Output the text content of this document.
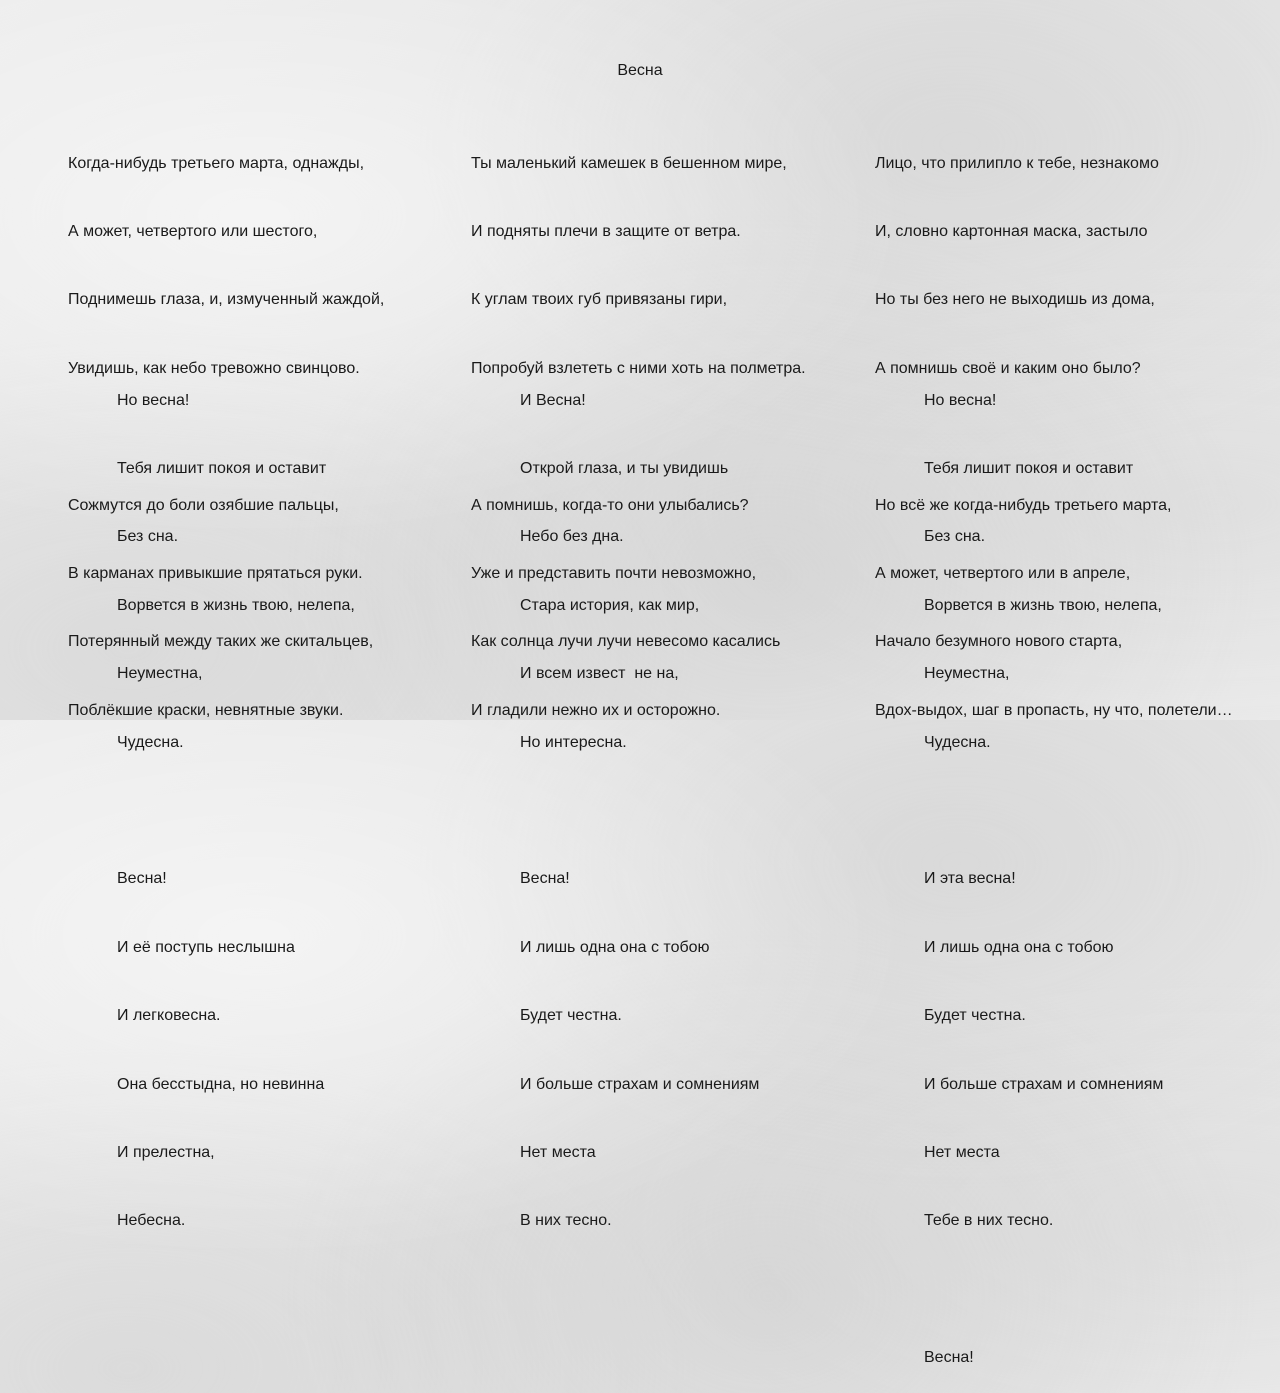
Весна

Когда-нибудь третьего марта, однажды,

А может, четвертого или шестого,

Поднимешь глаза, и, измученный жаждой,

Увидишь, как небо тревожно свинцово.

Сожмутся до боли озябшие пальцы,

В карманах привыкшие прятаться руки.

Потерянный между таких же скитальцев,

Поблёкшие краски, невнятные звуки.

Но весна!

Тебя лишит покоя и оставит

Без сна.

Ворвется в жизнь твою, нелепа,

Неуместна,

Чудесна.

Весна!

И её поступь неслышна

И легковесна.

Она бесстыдна, но невинна

И прелестна,

Небесна.

Ты маленький камешек в бешенном мире,

И подняты плечи в защите от ветра.

К углам твоих губ привязаны гири,

Попробуй взлететь с ними хоть на полметра.

А помнишь, когда-то они улыбались?

Уже и представить почти невозможно,

Как солнца лучи лучи невесомо касались

И гладили нежно их и осторожно.

И Весна!

Открой глаза, и ты увидишь

Небо без дна.

Стара история, как мир,

И всем извест  не на,

Но интересна.

Весна!

И лишь одна она с тобою

Будет честна.

И больше страхам и сомнениям

Нет места

В них тесно.

Лицо, что прилипло к тебе, незнакомо

И, словно картонная маска, застыло

Но ты без него не выходишь из дома,

А помнишь своё и каким оно было?

Но всё же когда-нибудь третьего марта,

А может, четвертого или в апреле,

Начало безумного нового старта,

Вдох-выдох, шаг в пропасть, ну что, полетели…

Но весна!

Тебя лишит покоя и оставит

Без сна.

Ворвется в жизнь твою, нелепа,

Неуместна,

Чудесна.

И эта весна!

И лишь одна она с тобою

Будет честна.

И больше страхам и сомнениям

Нет места

Тебе в них тесно.

Весна!
